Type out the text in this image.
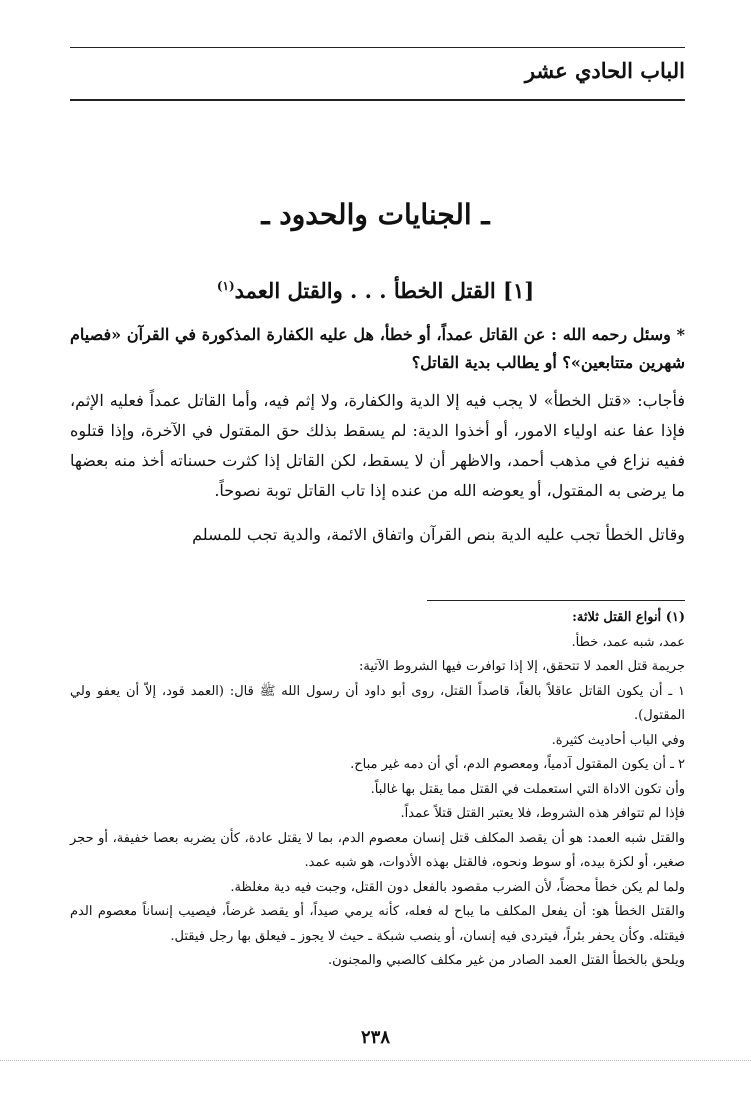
الباب الحادي عشر
ـ الجنايات والحدود ـ
[١] القتل الخطأ . . . والقتل العمد$^{(١)}$
* وسئل رحمه الله : عن القاتل عمداً، أو خطأ، هل عليه الكفارة المذكورة في القرآن «فصيام شهرين متتابعين»؟ أو يطالب بدية القاتل؟

فأجاب: «قتل الخطأ» لا يجب فيه إلا الدية والكفارة، ولا إثم فيه، وأما القاتل عمداً فعليه الإثم، فإذا عفا عنه اولياء الامور، أو أخذوا الدية: لم يسقط بذلك حق المقتول في الآخرة، وإذا قتلوه ففيه نزاع في مذهب أحمد، والاظهر أن لا يسقط، لكن القاتل إذا كثرت حسناته أخذ منه بعضها ما يرضى به المقتول، أو يعوضه الله من عنده إذا تاب القاتل توبة نصوحاً.

وقاتل الخطأ تجب عليه الدية بنص القرآن واتفاق الائمة، والدية تجب للمسلم

(١) أنواع القتل ثلاثة:

عمد، شبه عمد، خطأ.

جريمة قتل العمد لا تتحقق، إلا إذا توافرت فيها الشروط الآتية:

١ ـ أن يكون القاتل عاقلاً بالغاً، قاصداً القتل، روى أبو داود أن رسول الله ﷺ قال: (العمد قود، إلاّ أن يعفو ولي المقتول).

وفي الباب أحاديث كثيرة.

٢ ـ أن يكون المقتول آدمياً، ومعصوم الدم، أي أن دمه غير مباح.

وأن تكون الاداة التي استعملت في القتل مما يقتل بها غالباً.

فإذا لم تتوافر هذه الشروط، فلا يعتبر القتل قتلاً عمداً.

والقتل شبه العمد: هو أن يقصد المكلف قتل إنسان معصوم الدم، بما لا يقتل عادة، كأن يضربه بعصا خفيفة، أو حجر صغير، أو لكزة بيده، أو سوط ونحوه، فالقتل بهذه الأدوات، هو شبه عمد.

ولما لم يكن خطأ محضاً، لأن الضرب مقصود بالفعل دون القتل، وجبت فيه دية مغلظة.

والقتل الخطأ هو: أن يفعل المكلف ما يباح له فعله، كأنه يرمي صيداً، أو يقصد غرضاً، فيصيب إنساناً معصوم الدم فيقتله. وكأن يحفر بئراً، فيتردى فيه إنسان، أو ينصب شبكة ـ حيث لا يجوز ـ فيعلق بها رجل فيقتل.

ويلحق بالخطأ القتل العمد الصادر من غير مكلف كالصبي والمجنون.

٢٣٨
